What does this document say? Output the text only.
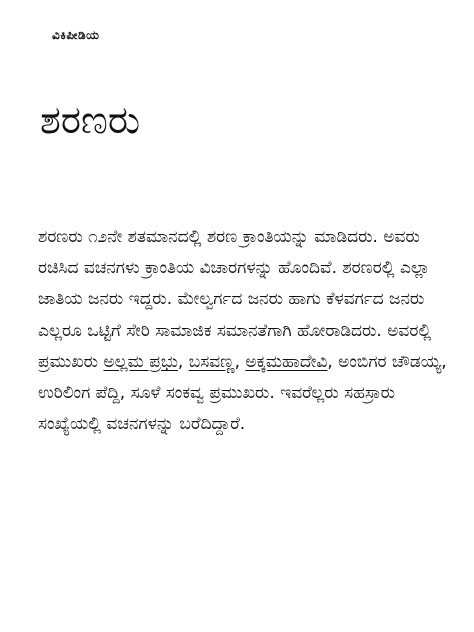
ವಿಕಿಪೀಡಿಯ
ಶರಣರು

ಶರಣರು ೧೨ನೇ ಶತಮಾನದಲ್ಲಿ ಶರಣ ಕ್ರಾಂತಿಯನ್ನು ಮಾಡಿದರು. ಅವರು ರಚಿಸಿದ ವಚನಗಳು ಕ್ರಾಂತಿಯ ವಿಚಾರಗಳನ್ನು ಹೊಂದಿವೆ. ಶರಣರಲ್ಲಿ ಎಲ್ಲಾ ಜಾತಿಯ ಜನರು ಇದ್ದರು. ಮೇಲ್ವರ್ಗದ ಜನರು ಹಾಗು ಕೆಳವರ್ಗದ ಜನರು ಎಲ್ಲರೂ ಒಟ್ಟಿಗೆ ಸೇರಿ ಸಾಮಾಜಿಕ ಸಮಾನತೆಗಾಗಿ ಹೋರಾಡಿದರು. ಅವರಲ್ಲಿ ಪ್ರಮುಖರು ಅಲ್ಲಮ ಪ್ರಭು, ಬಸವಣ್ಣ, ಅಕ್ಕಮಹಾದೇವಿ, ಅಂಬಿಗರ ಚೌಡಯ್ಯ, ಉರಿಲಿಂಗ ಪೆದ್ದಿ, ಸೂಳೆ ಸಂಕವ್ವ ಪ್ರಮುಖರು. ಇವರೆಲ್ಲರು ಸಹಸ್ರಾರು ಸಂಖ್ಯೆಯಲ್ಲಿ ವಚನಗಳನ್ನು ಬರೆದಿದ್ದಾರೆ.
